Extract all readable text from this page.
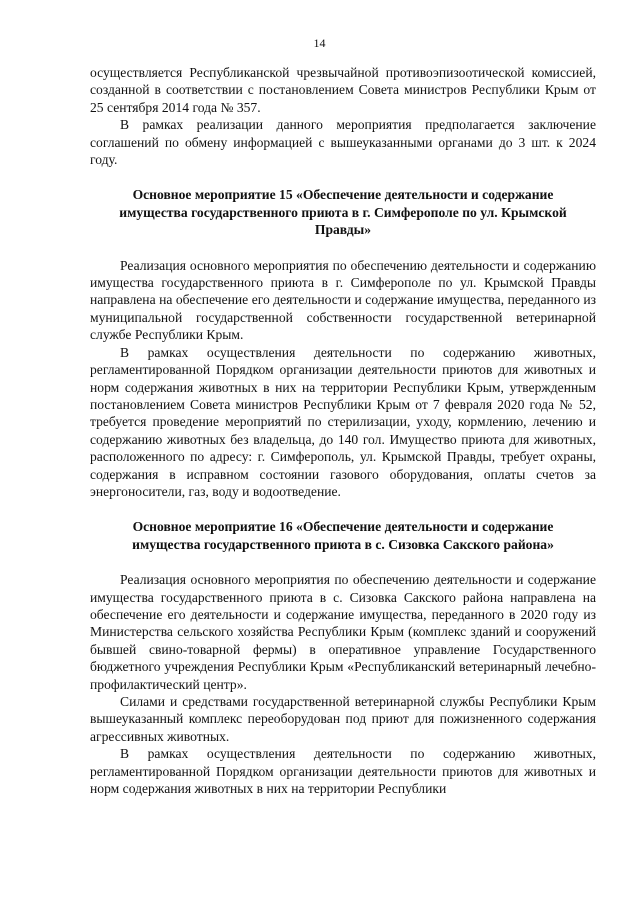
14

осуществляется Республиканской чрезвычайной противоэпизоотической комиссией, созданной в соответствии с постановлением Совета министров Республики Крым от 25 сентября 2014 года № 357.

В рамках реализации данного мероприятия предполагается заключение соглашений по обмену информацией с вышеуказанными органами до 3 шт. к 2024 году.

Основное мероприятие 15 «Обеспечение деятельности и содержание имущества государственного приюта в г. Симферополе по ул. Крымской Правды»

Реализация основного мероприятия по обеспечению деятельности и содержанию имущества государственного приюта в г. Симферополе по ул. Крымской Правды направлена на обеспечение его деятельности и содержание имущества, переданного из муниципальной государственной собственности государственной ветеринарной службе Республики Крым.

В рамках осуществления деятельности по содержанию животных, регламентированной Порядком организации деятельности приютов для животных и норм содержания животных в них на территории Республики Крым, утвержденным постановлением Совета министров Республики Крым от 7 февраля 2020 года № 52, требуется проведение мероприятий по стерилизации, уходу, кормлению, лечению и содержанию животных без владельца, до 140 гол. Имущество приюта для животных, расположенного по адресу: г. Симферополь, ул. Крымской Правды, требует охраны, содержания в исправном состоянии газового оборудования, оплаты счетов за энергоносители, газ, воду и водоотведение.

Основное мероприятие 16 «Обеспечение деятельности и содержание имущества государственного приюта в с. Сизовка Сакского района»

Реализация основного мероприятия по обеспечению деятельности и содержание имущества государственного приюта в с. Сизовка Сакского района направлена на обеспечение его деятельности и содержание имущества, переданного в 2020 году из Министерства сельского хозяйства Республики Крым (комплекс зданий и сооружений бывшей свино-товарной фермы) в оперативное управление Государственного бюджетного учреждения Республики Крым «Республиканский ветеринарный лечебно-профилактический центр».

Силами и средствами государственной ветеринарной службы Республики Крым вышеуказанный комплекс переоборудован под приют для пожизненного содержания агрессивных животных.

В рамках осуществления деятельности по содержанию животных, регламентированной Порядком организации деятельности приютов для животных и норм содержания животных в них на территории Республики
